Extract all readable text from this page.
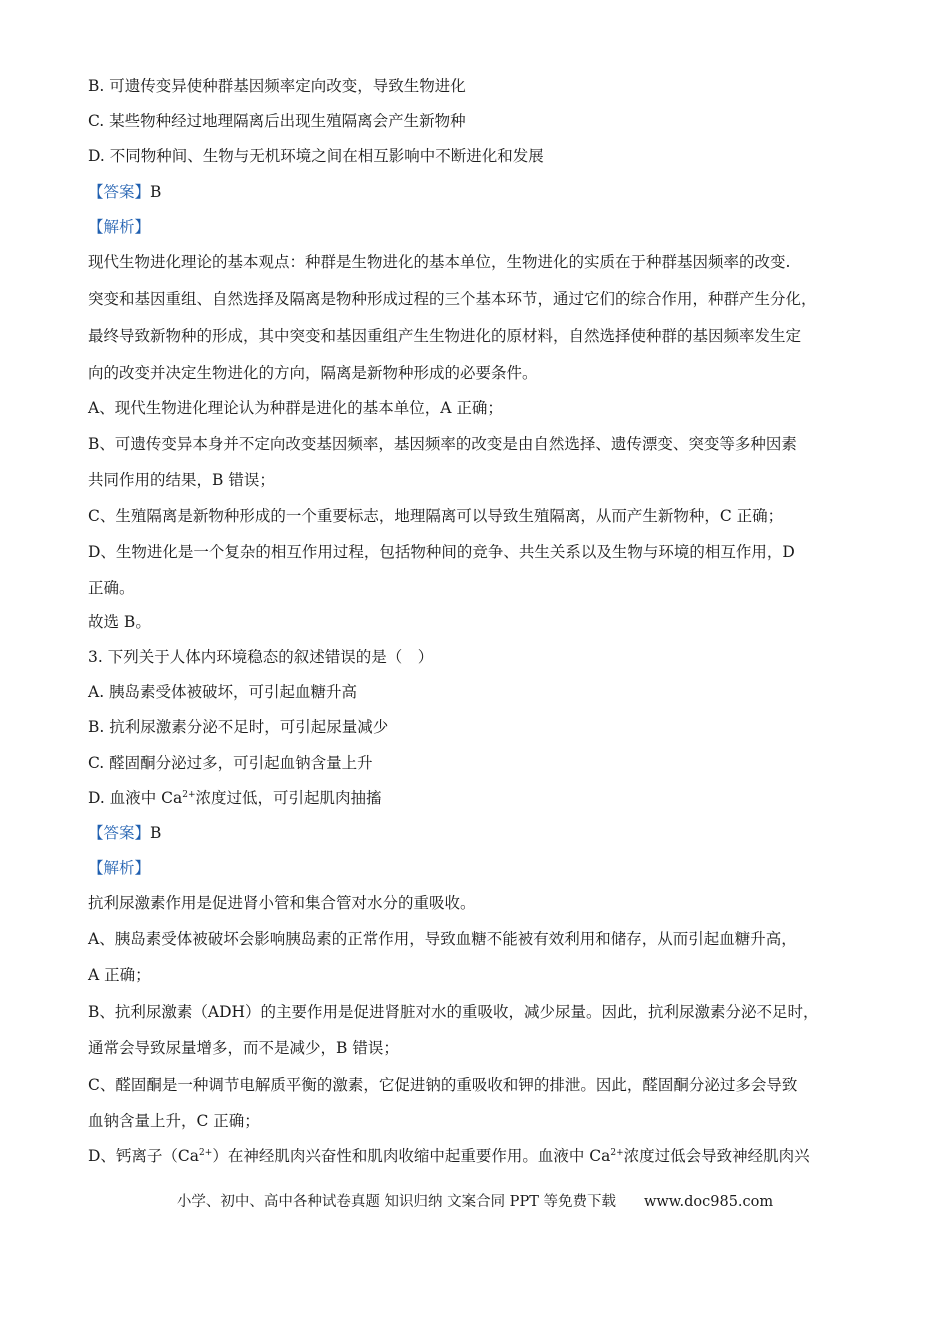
B. 可遗传变异使种群基因频率定向改变，导致生物进化
C. 某些物种经过地理隔离后出现生殖隔离会产生新物种
D. 不同物种间、生物与无机环境之间在相互影响中不断进化和发展
【答案】B
【解析】
现代生物进化理论的基本观点：种群是生物进化的基本单位，生物进化的实质在于种群基因频率的改变.
突变和基因重组、自然选择及隔离是物种形成过程的三个基本环节，通过它们的综合作用，种群产生分化，
最终导致新物种的形成，其中突变和基因重组产生生物进化的原材料，自然选择使种群的基因频率发生定
向的改变并决定生物进化的方向，隔离是新物种形成的必要条件。
A、现代生物进化理论认为种群是进化的基本单位，A 正确；
B、可遗传变异本身并不定向改变基因频率，基因频率的改变是由自然选择、遗传漂变、突变等多种因素
共同作用的结果，B 错误；
C、生殖隔离是新物种形成的一个重要标志，地理隔离可以导致生殖隔离，从而产生新物种，C 正确；
D、生物进化是一个复杂的相互作用过程，包括物种间的竞争、共生关系以及生物与环境的相互作用，D
正确。
故选 B。
3. 下列关于人体内环境稳态的叙述错误的是（　）
A. 胰岛素受体被破坏，可引起血糖升高
B. 抗利尿激素分泌不足时，可引起尿量减少
C. 醛固酮分泌过多，可引起血钠含量上升
D. 血液中 $Ca^{2+}$浓度过低，可引起肌肉抽搐
【答案】B
【解析】
抗利尿激素作用是促进肾小管和集合管对水分的重吸收。
A、胰岛素受体被破坏会影响胰岛素的正常作用，导致血糖不能被有效利用和储存，从而引起血糖升高，
A 正确；
B、抗利尿激素（ADH）的主要作用是促进肾脏对水的重吸收，减少尿量。因此，抗利尿激素分泌不足时，
通常会导致尿量增多，而不是减少，B 错误；
C、醛固酮是一种调节电解质平衡的激素，它促进钠的重吸收和钾的排泄。因此，醛固酮分泌过多会导致
血钠含量上升，C 正确；
D、钙离子$(Ca^{2+})$在神经肌肉兴奋性和肌肉收缩中起重要作用。血液中 $Ca^{2+}$浓度过低会导致神经肌肉兴
小学、初中、高中各种试卷真题 知识归纳 文案合同 PPT 等免费下载 www.doc985.com
